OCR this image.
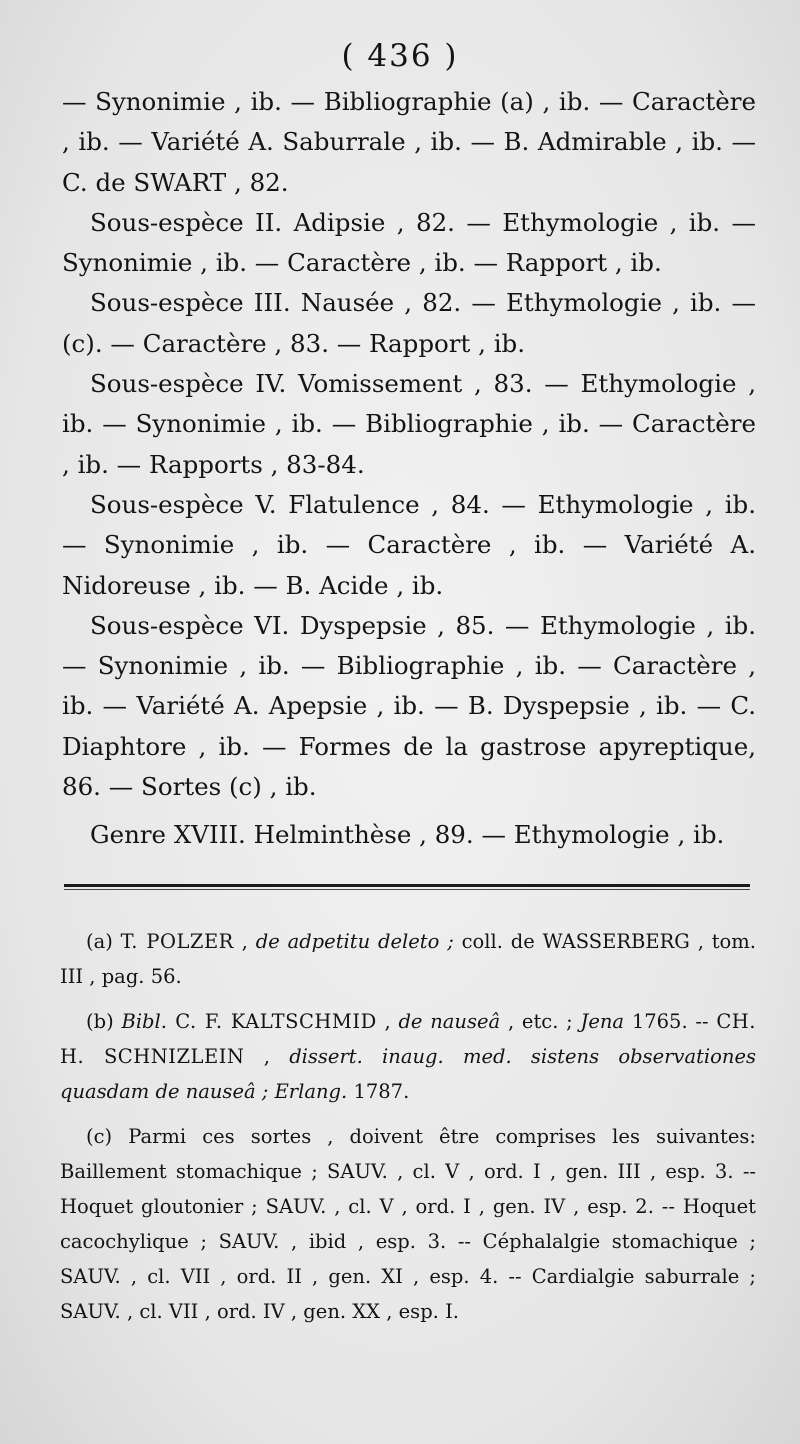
( 436 )

— Synonimie , ib. — Bibliographie (a) , ib. — Caractère , ib. — Variété A. Saburrale , ib. — B. Admirable , ib. — C. de SWART , 82.

Sous-espèce II. Adipsie , 82. — Ethymologie , ib. — Synonimie , ib. — Caractère , ib. — Rapport , ib.

Sous-espèce III. Nausée , 82. — Ethymologie , ib. — (c). — Caractère , 83. — Rapport , ib.

Sous-espèce IV. Vomissement , 83. — Ethymologie , ib. — Synonimie , ib. — Bibliographie , ib. — Caractère , ib. — Rapports , 83-84.

Sous-espèce V. Flatulence , 84. — Ethymologie , ib. — Synonimie , ib. — Caractère , ib. — Variété A. Nidoreuse , ib. — B. Acide , ib.

Sous-espèce VI. Dyspepsie , 85. — Ethymologie , ib. — Synonimie , ib. — Bibliographie , ib. — Caractère , ib. — Variété A. Apepsie , ib. — B. Dyspepsie , ib. — C. Diaphtore , ib. — Formes de la gastrose apyreptique, 86. — Sortes (c) , ib.

Genre XVIII. Helminthèse , 89. — Ethymologie , ib.

(a) T. POLZER , de adpetitu deleto ; coll. de WASSERBERG , tom. III , pag. 56.

(b) Bibl. C. F. KALTSCHMID , de nauseâ , etc. ; Jena 1765. -- CH. H. SCHNIZLEIN , dissert. inaug. med. sistens observationes quasdam de nauseâ ; Erlang. 1787.

(c) Parmi ces sortes , doivent être comprises les suivantes: Baillement stomachique ; SAUV. , cl. V , ord. I , gen. III , esp. 3. -- Hoquet gloutonier ; SAUV. , cl. V , ord. I , gen. IV , esp. 2. -- Hoquet cacochylique ; SAUV. , ibid , esp. 3. -- Céphalalgie stomachique ; SAUV. , cl. VII , ord. II , gen. XI , esp. 4. -- Cardialgie saburrale ; SAUV. , cl. VII , ord. IV , gen. XX , esp. I.
